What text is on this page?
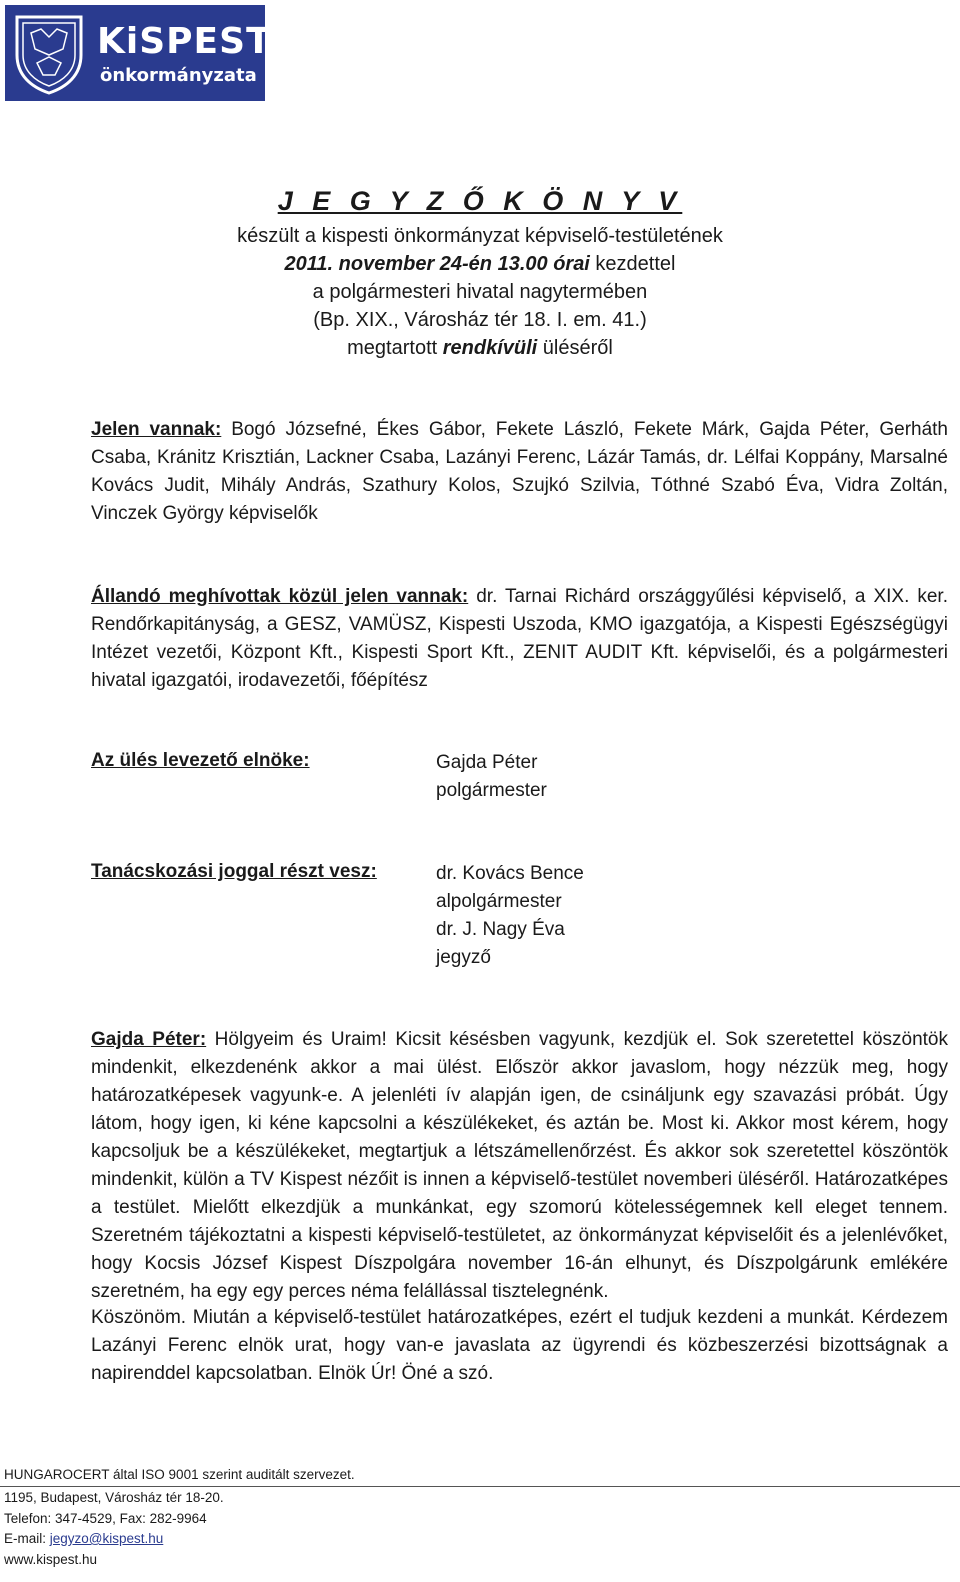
KiSPEST
önkormányzata
J E G Y Z Ő K Ö N Y V
készült a kispesti önkormányzat képviselő-testületének
2011. november 24-én 13.00 órai kezdettel
a polgármesteri hivatal nagytermében
(Bp. XIX., Városház tér 18. I. em. 41.)
megtartott rendkívüli üléséről
Jelen vannak: Bogó Józsefné, Ékes Gábor, Fekete László, Fekete Márk, Gajda Péter, Gerháth Csaba, Kránitz Krisztián, Lackner Csaba, Lazányi Ferenc, Lázár Tamás, dr. Lélfai Koppány, Marsalné Kovács Judit, Mihály András, Szathury Kolos, Szujkó Szilvia, Tóthné Szabó Éva, Vidra Zoltán, Vinczek György képviselők
Állandó meghívottak közül jelen vannak: dr. Tarnai Richárd országgyűlési képviselő, a XIX. ker. Rendőrkapitányság, a GESZ, VAMÜSZ, Kispesti Uszoda, KMO igazgatója, a Kispesti Egészségügyi Intézet vezetői, Központ Kft., Kispesti Sport Kft., ZENIT AUDIT Kft. képviselői, és a polgármesteri hivatal igazgatói, irodavezetői, főépítész
Az ülés levezető elnöke:	Gajda Péter
polgármester
Tanácskozási joggal részt vesz:	dr. Kovács Bence
alpolgármester
dr. J. Nagy Éva
jegyző
Gajda Péter: Hölgyeim és Uraim! Kicsit késésben vagyunk, kezdjük el. Sok szeretettel köszöntök mindenkit, elkezdenénk akkor a mai ülést. Először akkor javaslom, hogy nézzük meg, hogy határozatképesek vagyunk-e. A jelenléti ív alapján igen, de csináljunk egy szavazási próbát. Úgy látom, hogy igen, ki kéne kapcsolni a készülékeket, és aztán be. Most ki. Akkor most kérem, hogy kapcsoljuk be a készülékeket, megtartjuk a létszámellenőrzést. És akkor sok szeretettel köszöntök mindenkit, külön a TV Kispest nézőit is innen a képviselő-testület novemberi üléséről. Határozatképes a testület. Mielőtt elkezdjük a munkánkat, egy szomorú kötelességemnek kell eleget tennem. Szeretném tájékoztatni a kispesti képviselő-testületet, az önkormányzat képviselőit és a jelenlévőket, hogy Kocsis József Kispest Díszpolgára november 16-án elhunyt, és Díszpolgárunk emlékére szeretném, ha egy egy perces néma felállással tisztelegnénk.
Köszönöm. Miután a képviselő-testület határozatképes, ezért el tudjuk kezdeni a munkát. Kérdezem Lazányi Ferenc elnök urat, hogy van-e javaslata az ügyrendi és közbeszerzési bizottságnak a napirenddel kapcsolatban. Elnök Úr! Öné a szó.
HUNGAROCERT által ISO 9001 szerint auditált szervezet.
1195, Budapest, Városház tér 18-20.
Telefon: 347-4529, Fax: 282-9964
E-mail: jegyzo@kispest.hu
www.kispest.hu
